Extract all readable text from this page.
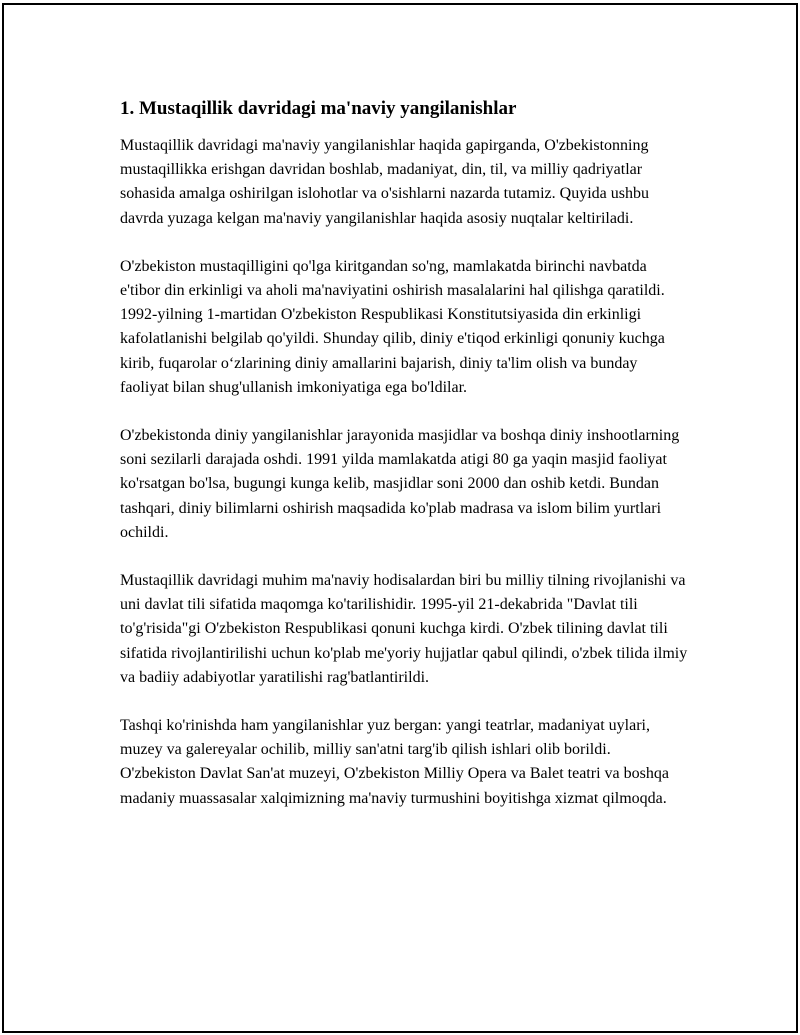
1. Mustaqillik davridagi ma'naviy yangilanishlar

Mustaqillik davridagi ma'naviy yangilanishlar haqida gapirganda, O'zbekistonning mustaqillikka erishgan davridan boshlab, madaniyat, din, til, va milliy qadriyatlar sohasida amalga oshirilgan islohotlar va o'sishlarni nazarda tutamiz. Quyida ushbu davrda yuzaga kelgan ma'naviy yangilanishlar haqida asosiy nuqtalar keltiriladi.

O'zbekiston mustaqilligini qo'lga kiritgandan so'ng, mamlakatda birinchi navbatda e'tibor din erkinligi va aholi ma'naviyatini oshirish masalalarini hal qilishga qaratildi. 1992-yilning 1-martidan O'zbekiston Respublikasi Konstitutsiyasida din erkinligi kafolatlanishi belgilab qo'yildi. Shunday qilib, diniy e'tiqod erkinligi qonuniy kuchga kirib, fuqarolar o‘zlarining diniy amallarini bajarish, diniy ta'lim olish va bunday faoliyat bilan shug'ullanish imkoniyatiga ega bo'ldilar.

O'zbekistonda diniy yangilanishlar jarayonida masjidlar va boshqa diniy inshootlarning soni sezilarli darajada oshdi. 1991 yilda mamlakatda atigi 80 ga yaqin masjid faoliyat ko'rsatgan bo'lsa, bugungi kunga kelib, masjidlar soni 2000 dan oshib ketdi. Bundan tashqari, diniy bilimlarni oshirish maqsadida ko'plab madrasa va islom bilim yurtlari ochildi.

Mustaqillik davridagi muhim ma'naviy hodisalardan biri bu milliy tilning rivojlanishi va uni davlat tili sifatida maqomga ko'tarilishidir. 1995-yil 21-dekabrida "Davlat tili to'g'risida"gi O'zbekiston Respublikasi qonuni kuchga kirdi. O'zbek tilining davlat tili sifatida rivojlantirilishi uchun ko'plab me'yoriy hujjatlar qabul qilindi, o'zbek tilida ilmiy va badiiy adabiyotlar yaratilishi rag'batlantirildi.

Tashqi ko'rinishda ham yangilanishlar yuz bergan: yangi teatrlar, madaniyat uylari, muzey va galereyalar ochilib, milliy san'atni targ'ib qilish ishlari olib borildi. O'zbekiston Davlat San'at muzeyi, O'zbekiston Milliy Opera va Balet teatri va boshqa madaniy muassasalar xalqimizning ma'naviy turmushini boyitishga xizmat qilmoqda.
